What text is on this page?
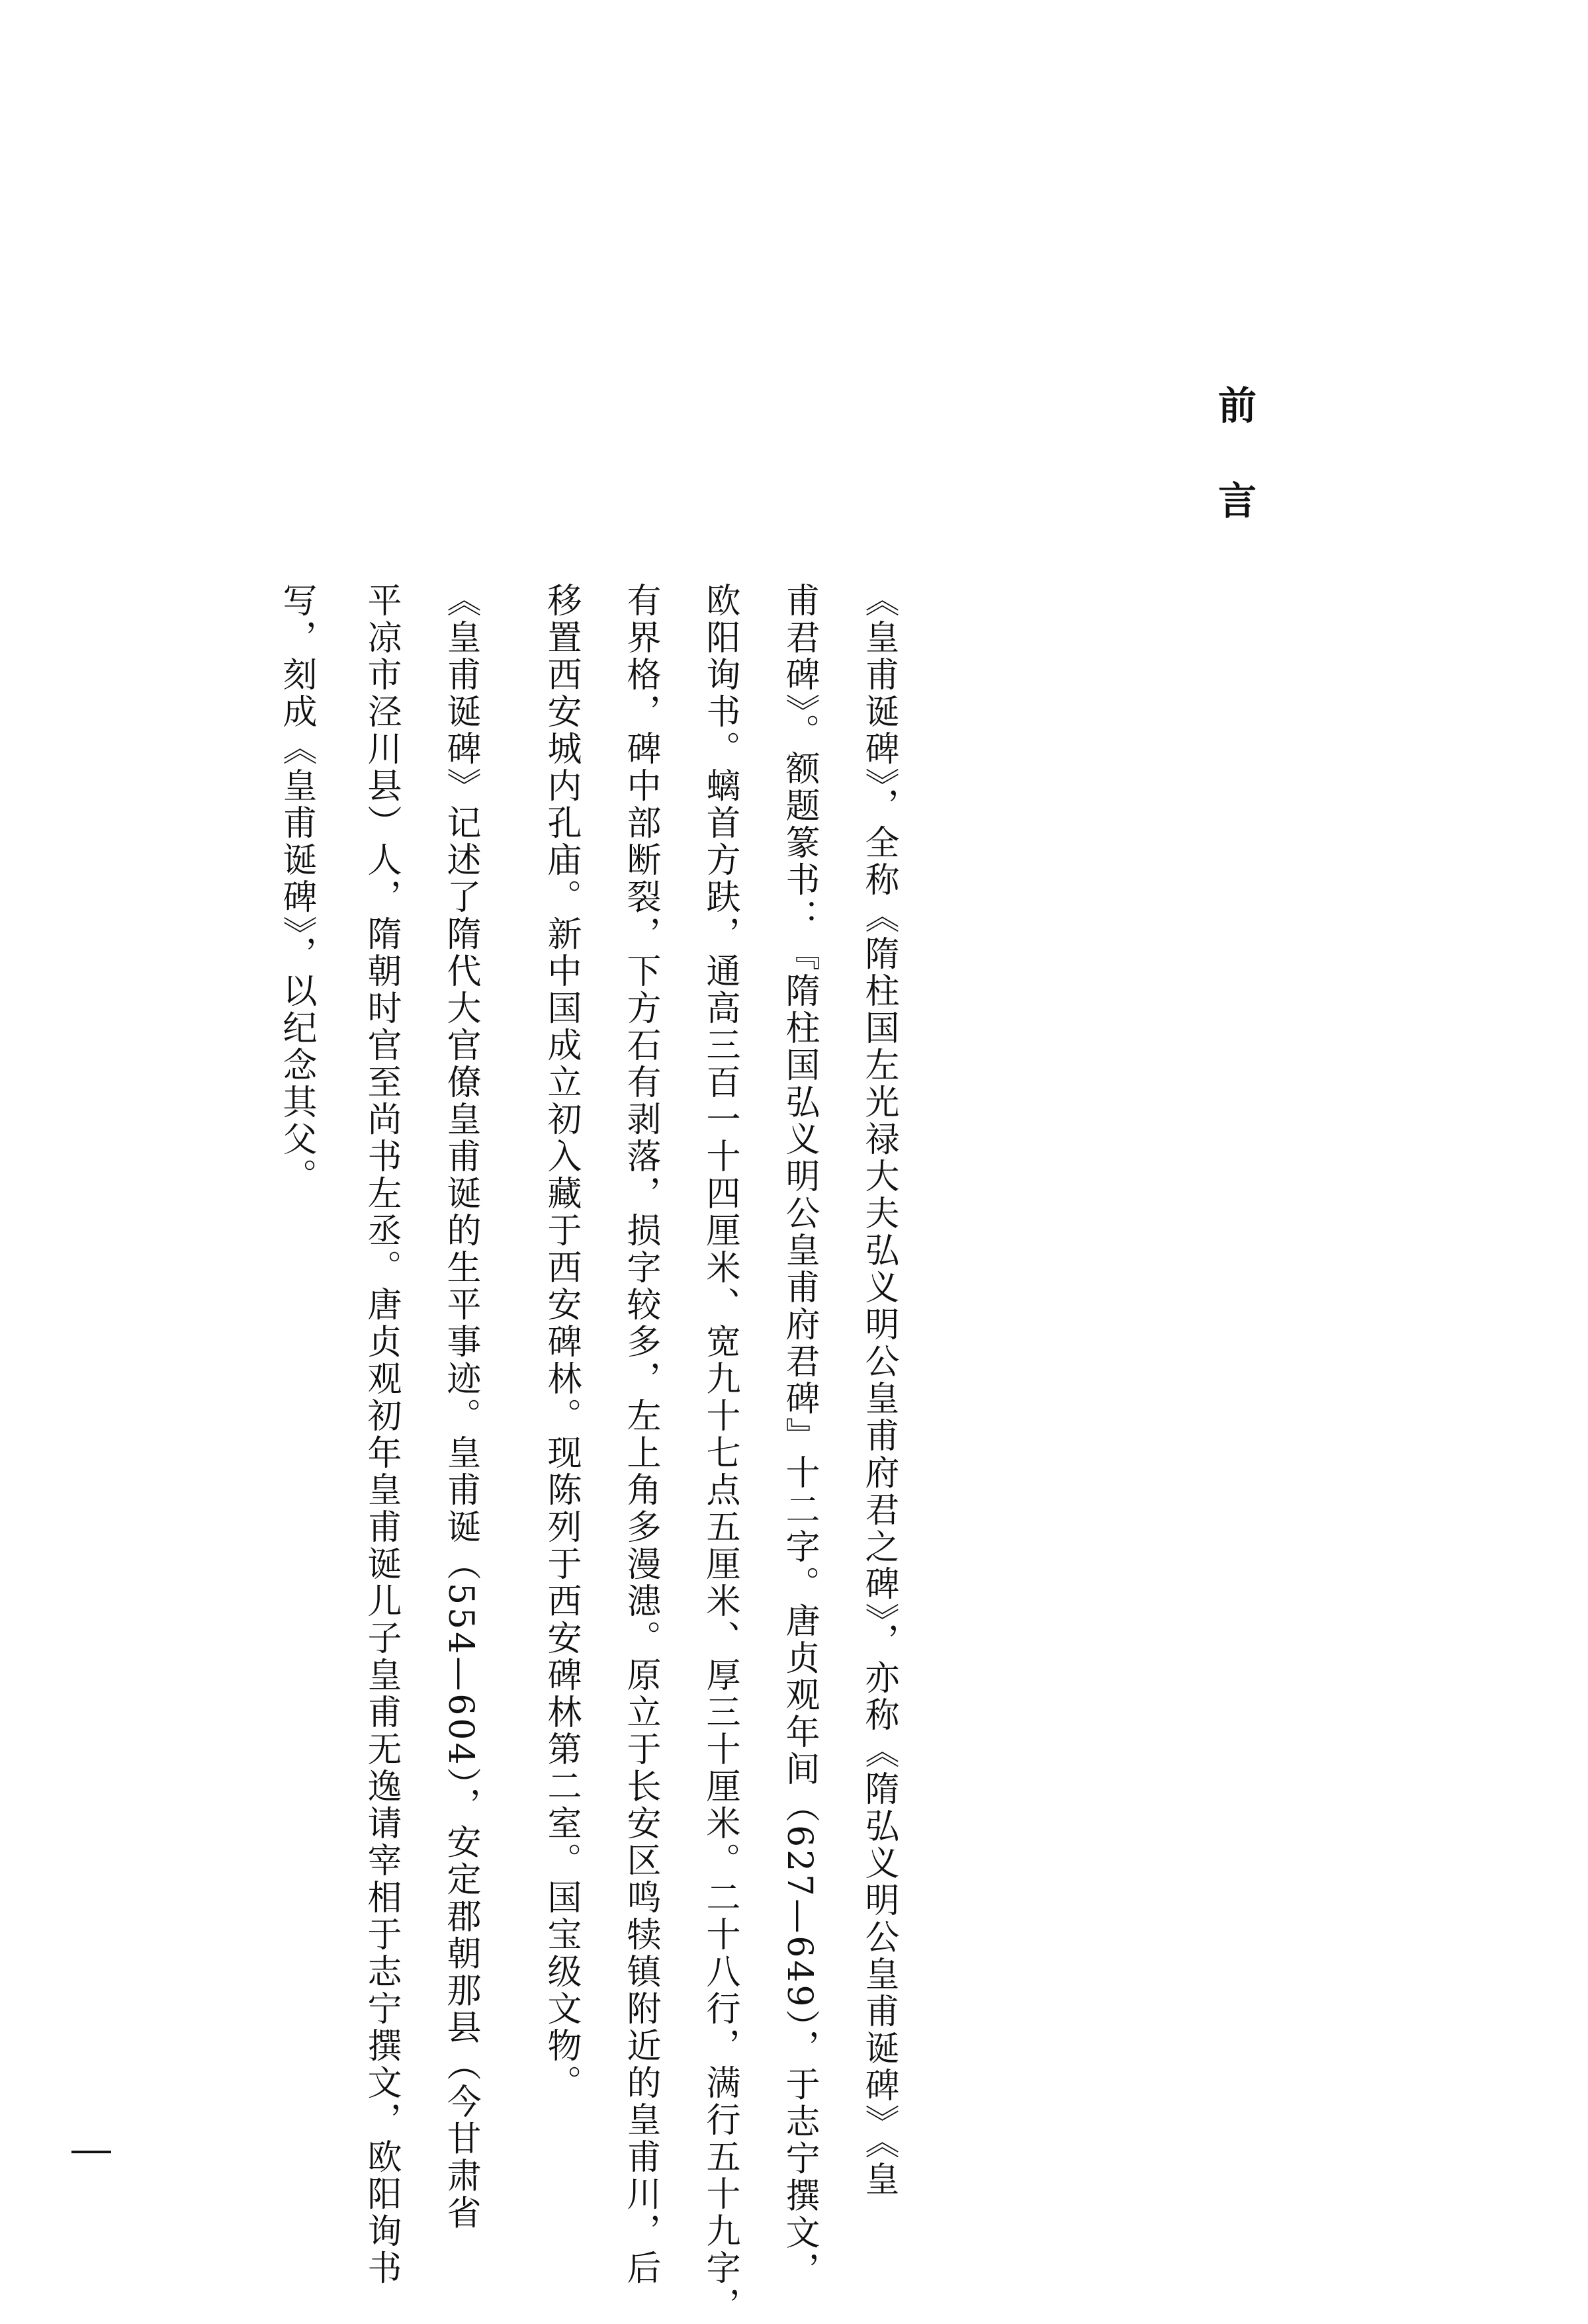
前
言
《皇甫诞碑》，全称《隋柱国左光禄大夫弘义明公皇甫府君之碑》，亦称《隋弘义明公皇甫诞碑》《皇
甫君碑》。额题篆书：『隋柱国弘义明公皇甫府君碑』十二字。唐贞观年间（627—649），于志宁撰文，
欧阳询书。螭首方趺，通高三百一十四厘米、宽九十七点五厘米、厚三十厘米。二十八行，满行五十九字，
有界格，碑中部断裂，下方石有剥落，损字较多，左上角多漫漶。原立于长安区鸣犊镇附近的皇甫川，后
移置西安城内孔庙。新中国成立初入藏于西安碑林。现陈列于西安碑林第二室。国宝级文物。
《皇甫诞碑》记述了隋代大官僚皇甫诞的生平事迹。皇甫诞（554—604），安定郡朝那县（今甘肃省
平凉市泾川县）人，隋朝时官至尚书左丞。唐贞观初年皇甫诞儿子皇甫无逸请宰相于志宁撰文，欧阳询书
写，刻成《皇甫诞碑》，以纪念其父。
